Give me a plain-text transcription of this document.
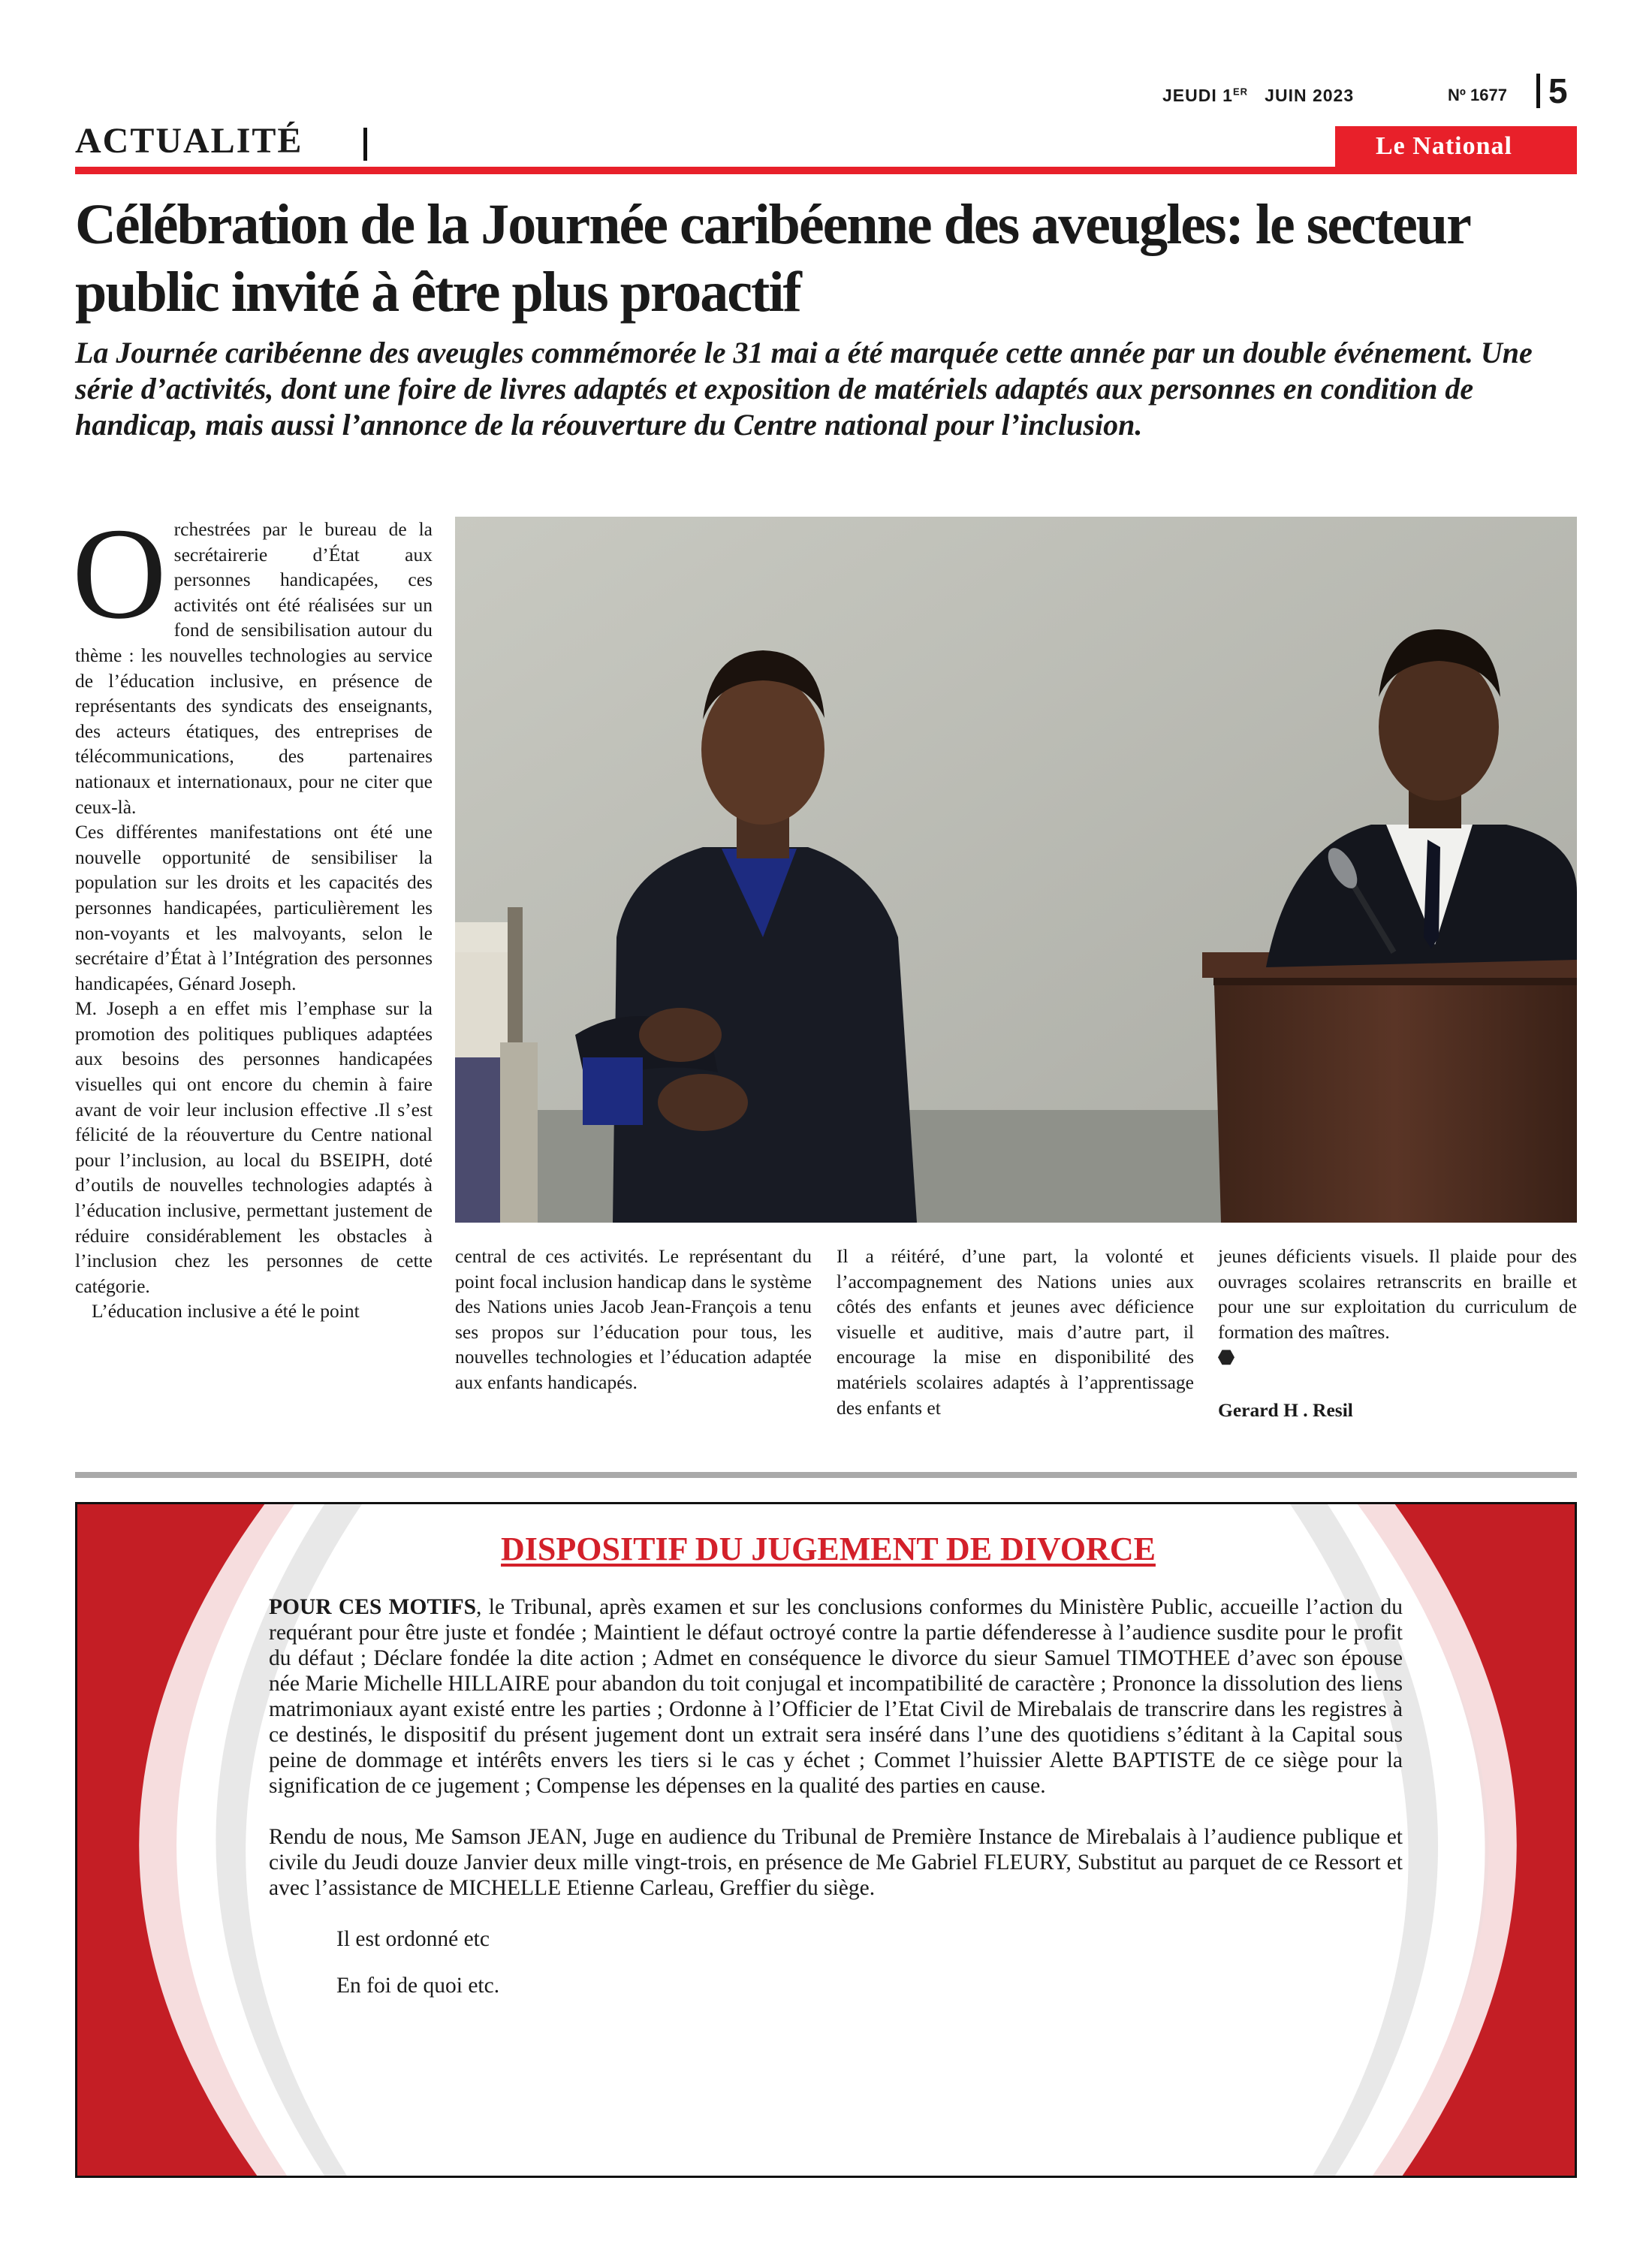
JEUDI 1ER JUIN 2023	Nº 1677 5
ACTUALITÉ	Le National
Célébration de la Journée caribéenne des aveugles: le secteur public invité à être plus proactif

La Journée caribéenne des aveugles commémorée le 31 mai a été marquée cette année par un double événement. Une série d’activités, dont une foire de livres adaptés et exposition de matériels adaptés aux personnes en condition de handicap, mais aussi l’annonce de la réouverture du Centre national pour l’inclusion.

Orchestrées par le bureau de la secrétairerie d’État aux personnes handicapées, ces activités ont été réalisées sur un fond de sensibilisation autour du thème : les nouvelles technologies au service de l’éducation inclusive, en présence de représentants des syndicats des enseignants, des acteurs étatiques, des entreprises de télécommunications, des partenaires nationaux et internationaux, pour ne citer que ceux-là.

Ces différentes manifestations ont été une nouvelle opportunité de sensibiliser la population sur les droits et les capacités des personnes handicapées, particulièrement les non-voyants et les malvoyants, selon le secrétaire d’État à l’Intégration des personnes handicapées, Génard Joseph.

M. Joseph a en effet mis l’emphase sur la promotion des politiques publiques adaptées aux besoins des personnes handicapées visuelles qui ont encore du chemin à faire avant de voir leur inclusion effective .Il s’est félicité de la réouverture du Centre national pour l’inclusion, au local du BSEIPH, doté d’outils de nouvelles technologies adaptés à l’éducation inclusive, permettant justement de réduire considérablement les obstacles à l’inclusion chez les personnes de cette catégorie.

L’éducation inclusive a été le point

central de ces activités. Le représentant du point focal inclusion handicap dans le système des Nations unies Jacob Jean-François a tenu ses propos sur l’éducation pour tous, les nouvelles technologies et l’éducation adaptée aux enfants handicapés.

Il a réitéré, d’une part, la volonté et l’accompagnement des Nations unies aux côtés des enfants et jeunes avec déficience visuelle et auditive, mais d’autre part, il encourage la mise en disponibilité des matériels scolaires adaptés à l’apprentissage des enfants et

jeunes déficients visuels. Il plaide pour des ouvrages scolaires retranscrits en braille et pour une sur exploitation du curriculum de formation des maîtres.

Gerard H . Resil

DISPOSITIF DU JUGEMENT DE DIVORCE

POUR CES MOTIFS, le Tribunal, après examen et sur les conclusions conformes du Ministère Public, accueille l’action du requérant pour être juste et fondée ; Maintient le défaut octroyé contre la partie défenderesse à l’audience susdite pour le profit du défaut ; Déclare fondée la dite action ; Admet en conséquence le divorce du sieur Samuel TIMOTHEE d’avec son épouse née Marie Michelle HILLAIRE pour abandon du toit conjugal et incompatibilité de caractère ; Prononce la dissolution des liens matrimoniaux ayant existé entre les parties ; Ordonne à l’Officier de l’Etat Civil de Mirebalais de transcrire dans les registres à ce destinés, le dispositif du présent jugement dont un extrait sera inséré dans l’une des quotidiens s’éditant à la Capital sous peine de dommage et intérêts envers les tiers si le cas y échet ; Commet l’huissier Alette BAPTISTE de ce siège pour la signification de ce jugement ; Compense les dépenses en la qualité des parties en cause.

Rendu de nous, Me Samson JEAN, Juge en audience du Tribunal de Première Instance de Mirebalais à l’audience publique et civile du Jeudi douze Janvier deux mille vingt-trois, en présence de Me Gabriel FLEURY, Substitut au parquet de ce Ressort et avec l’assistance de MICHELLE Etienne Carleau, Greffier du siège.

Il est ordonné etc

En foi de quoi etc.
